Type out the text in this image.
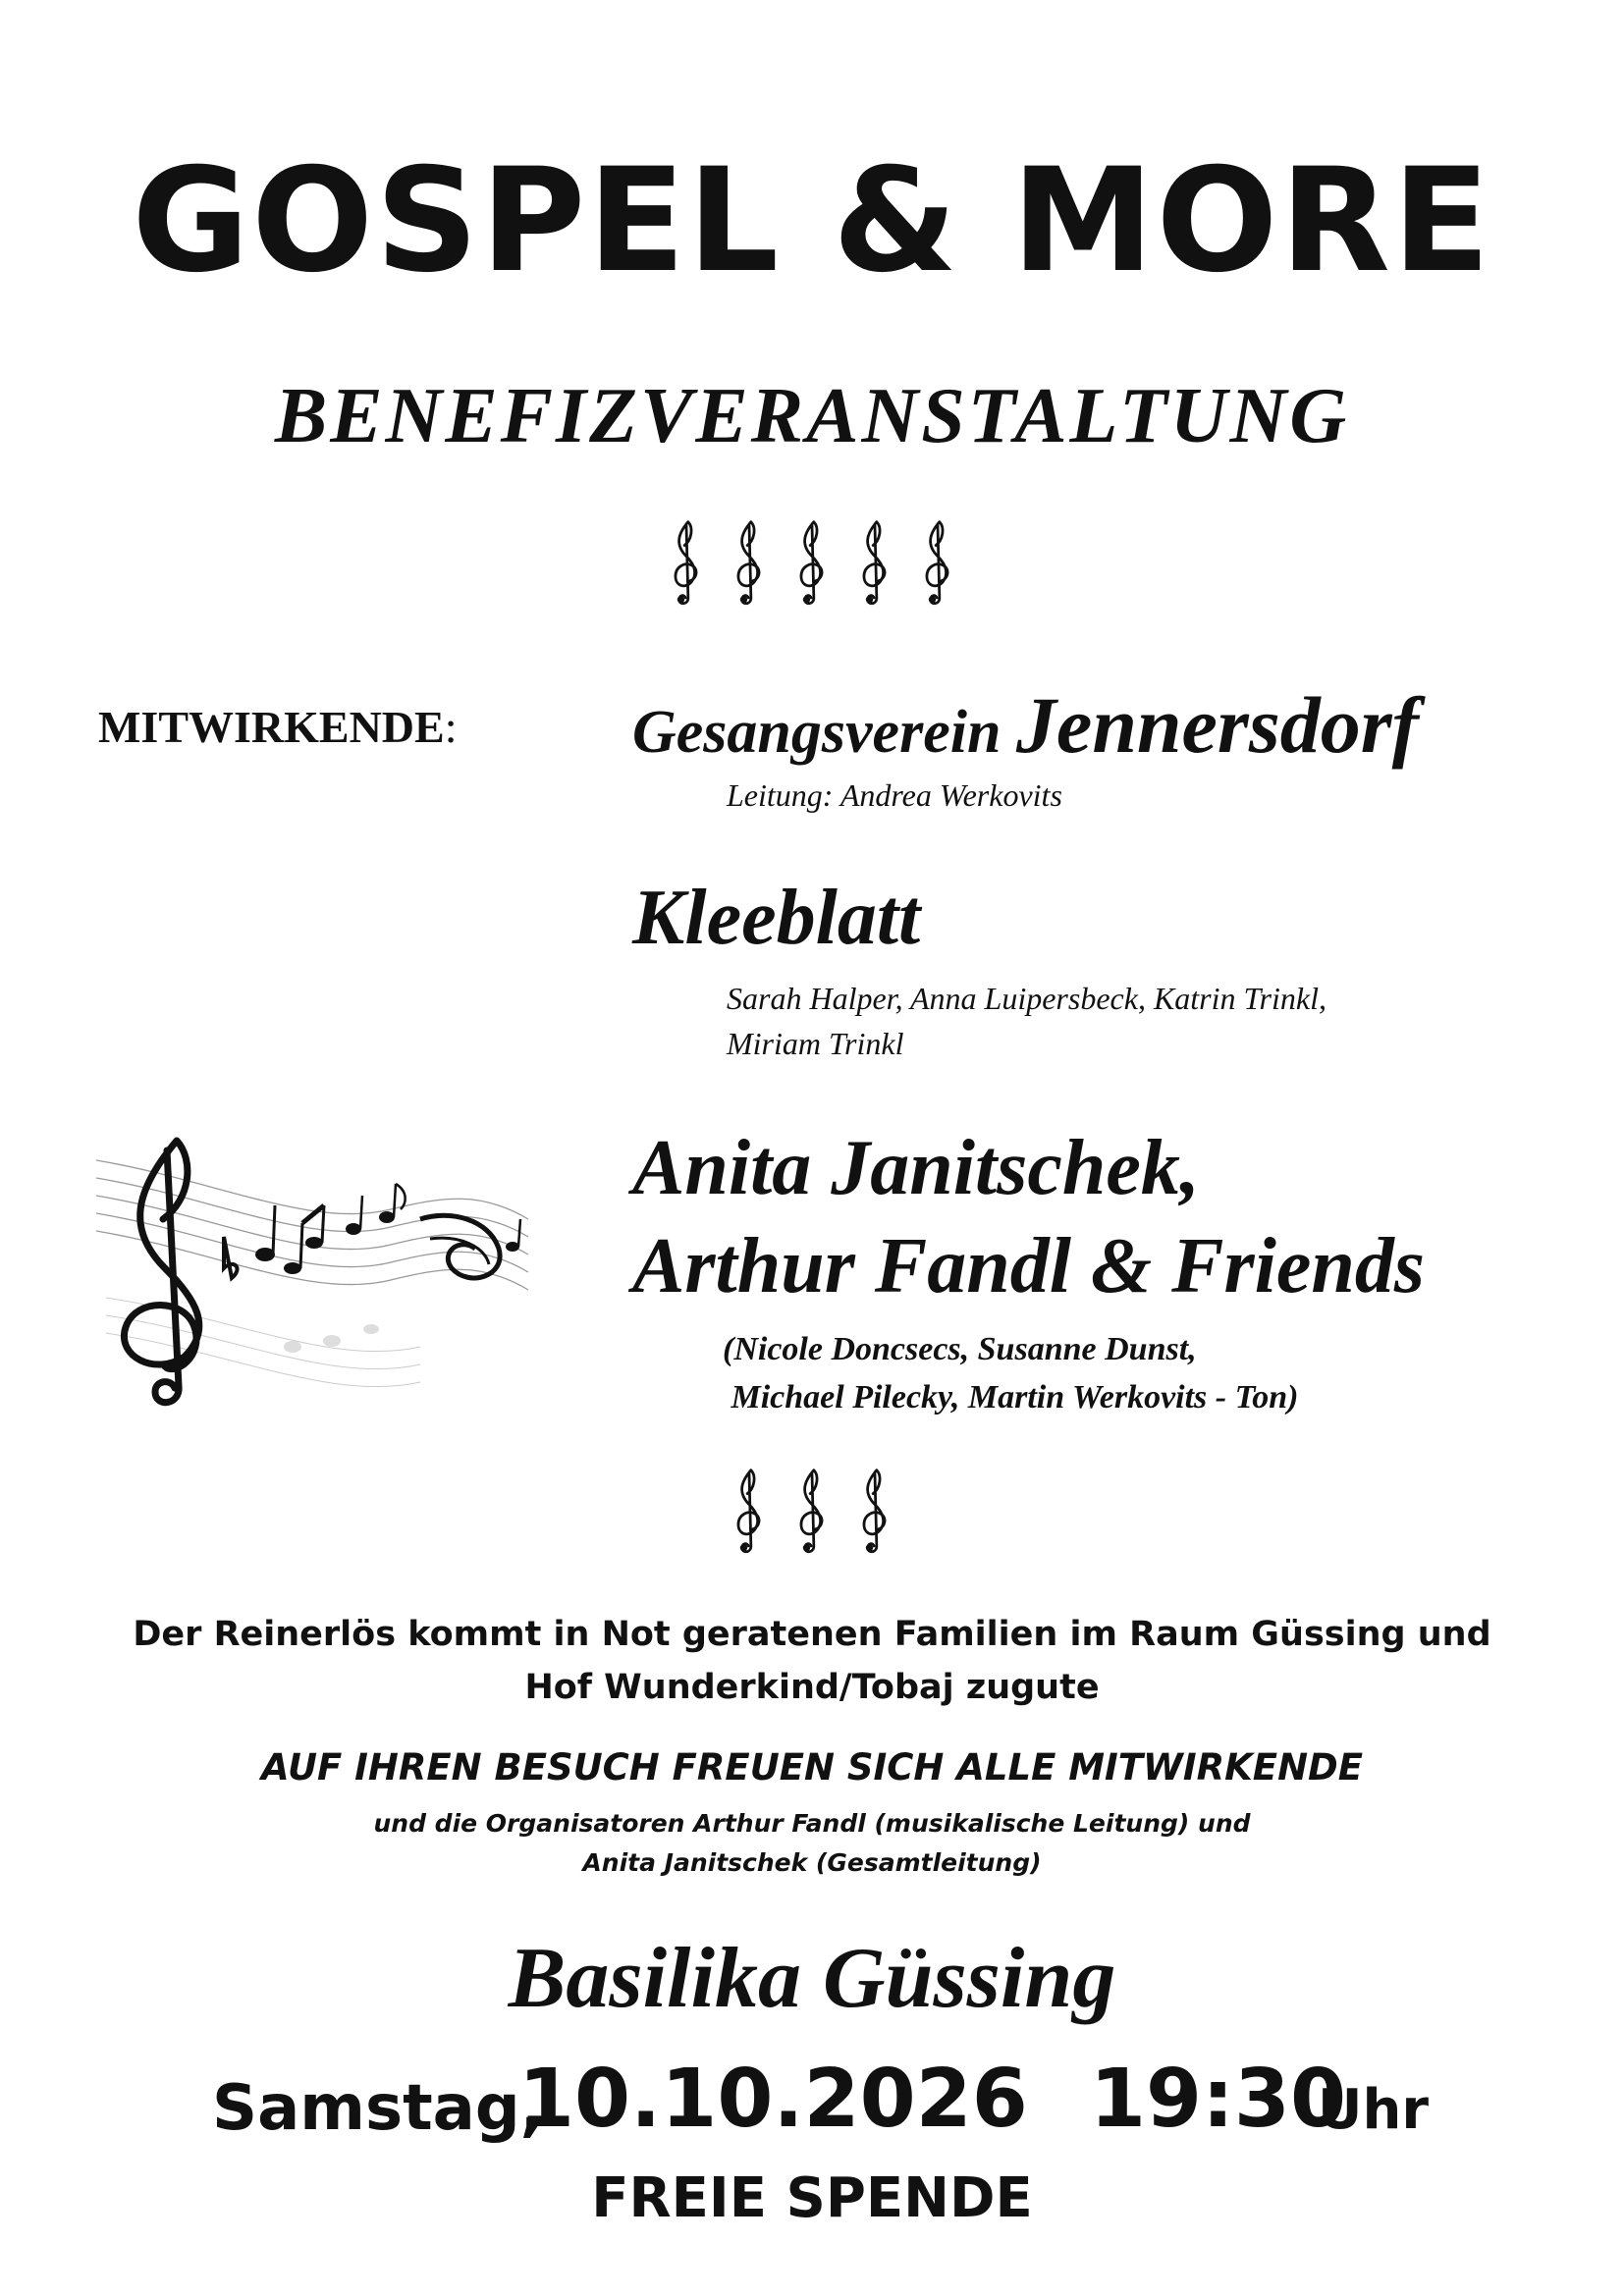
GOSPEL & MORE
BENEFIZVERANSTALTUNG
MITWIRKENDE:	Gesangsverein Jennersdorf
Leitung: Andrea Werkovits
Kleeblatt
Sarah Halper, Anna Luipersbeck, Katrin Trinkl,
Miriam Trinkl
Anita Janitschek,
Arthur Fandl & Friends
(Nicole Doncsecs, Susanne Dunst,
Michael Pilecky, Martin Werkovits - Ton)
Der Reinerlös kommt in Not geratenen Familien im Raum Güssing und Hof Wunderkind/Tobaj zugute
AUF IHREN BESUCH FREUEN SICH ALLE MITWIRKENDE
und die Organisatoren Arthur Fandl (musikalische Leitung) und
Anita Janitschek (Gesamtleitung)
Basilika Güssing
Samstag,
10.10.2026 19:30
Uhr
FREIE SPENDE
